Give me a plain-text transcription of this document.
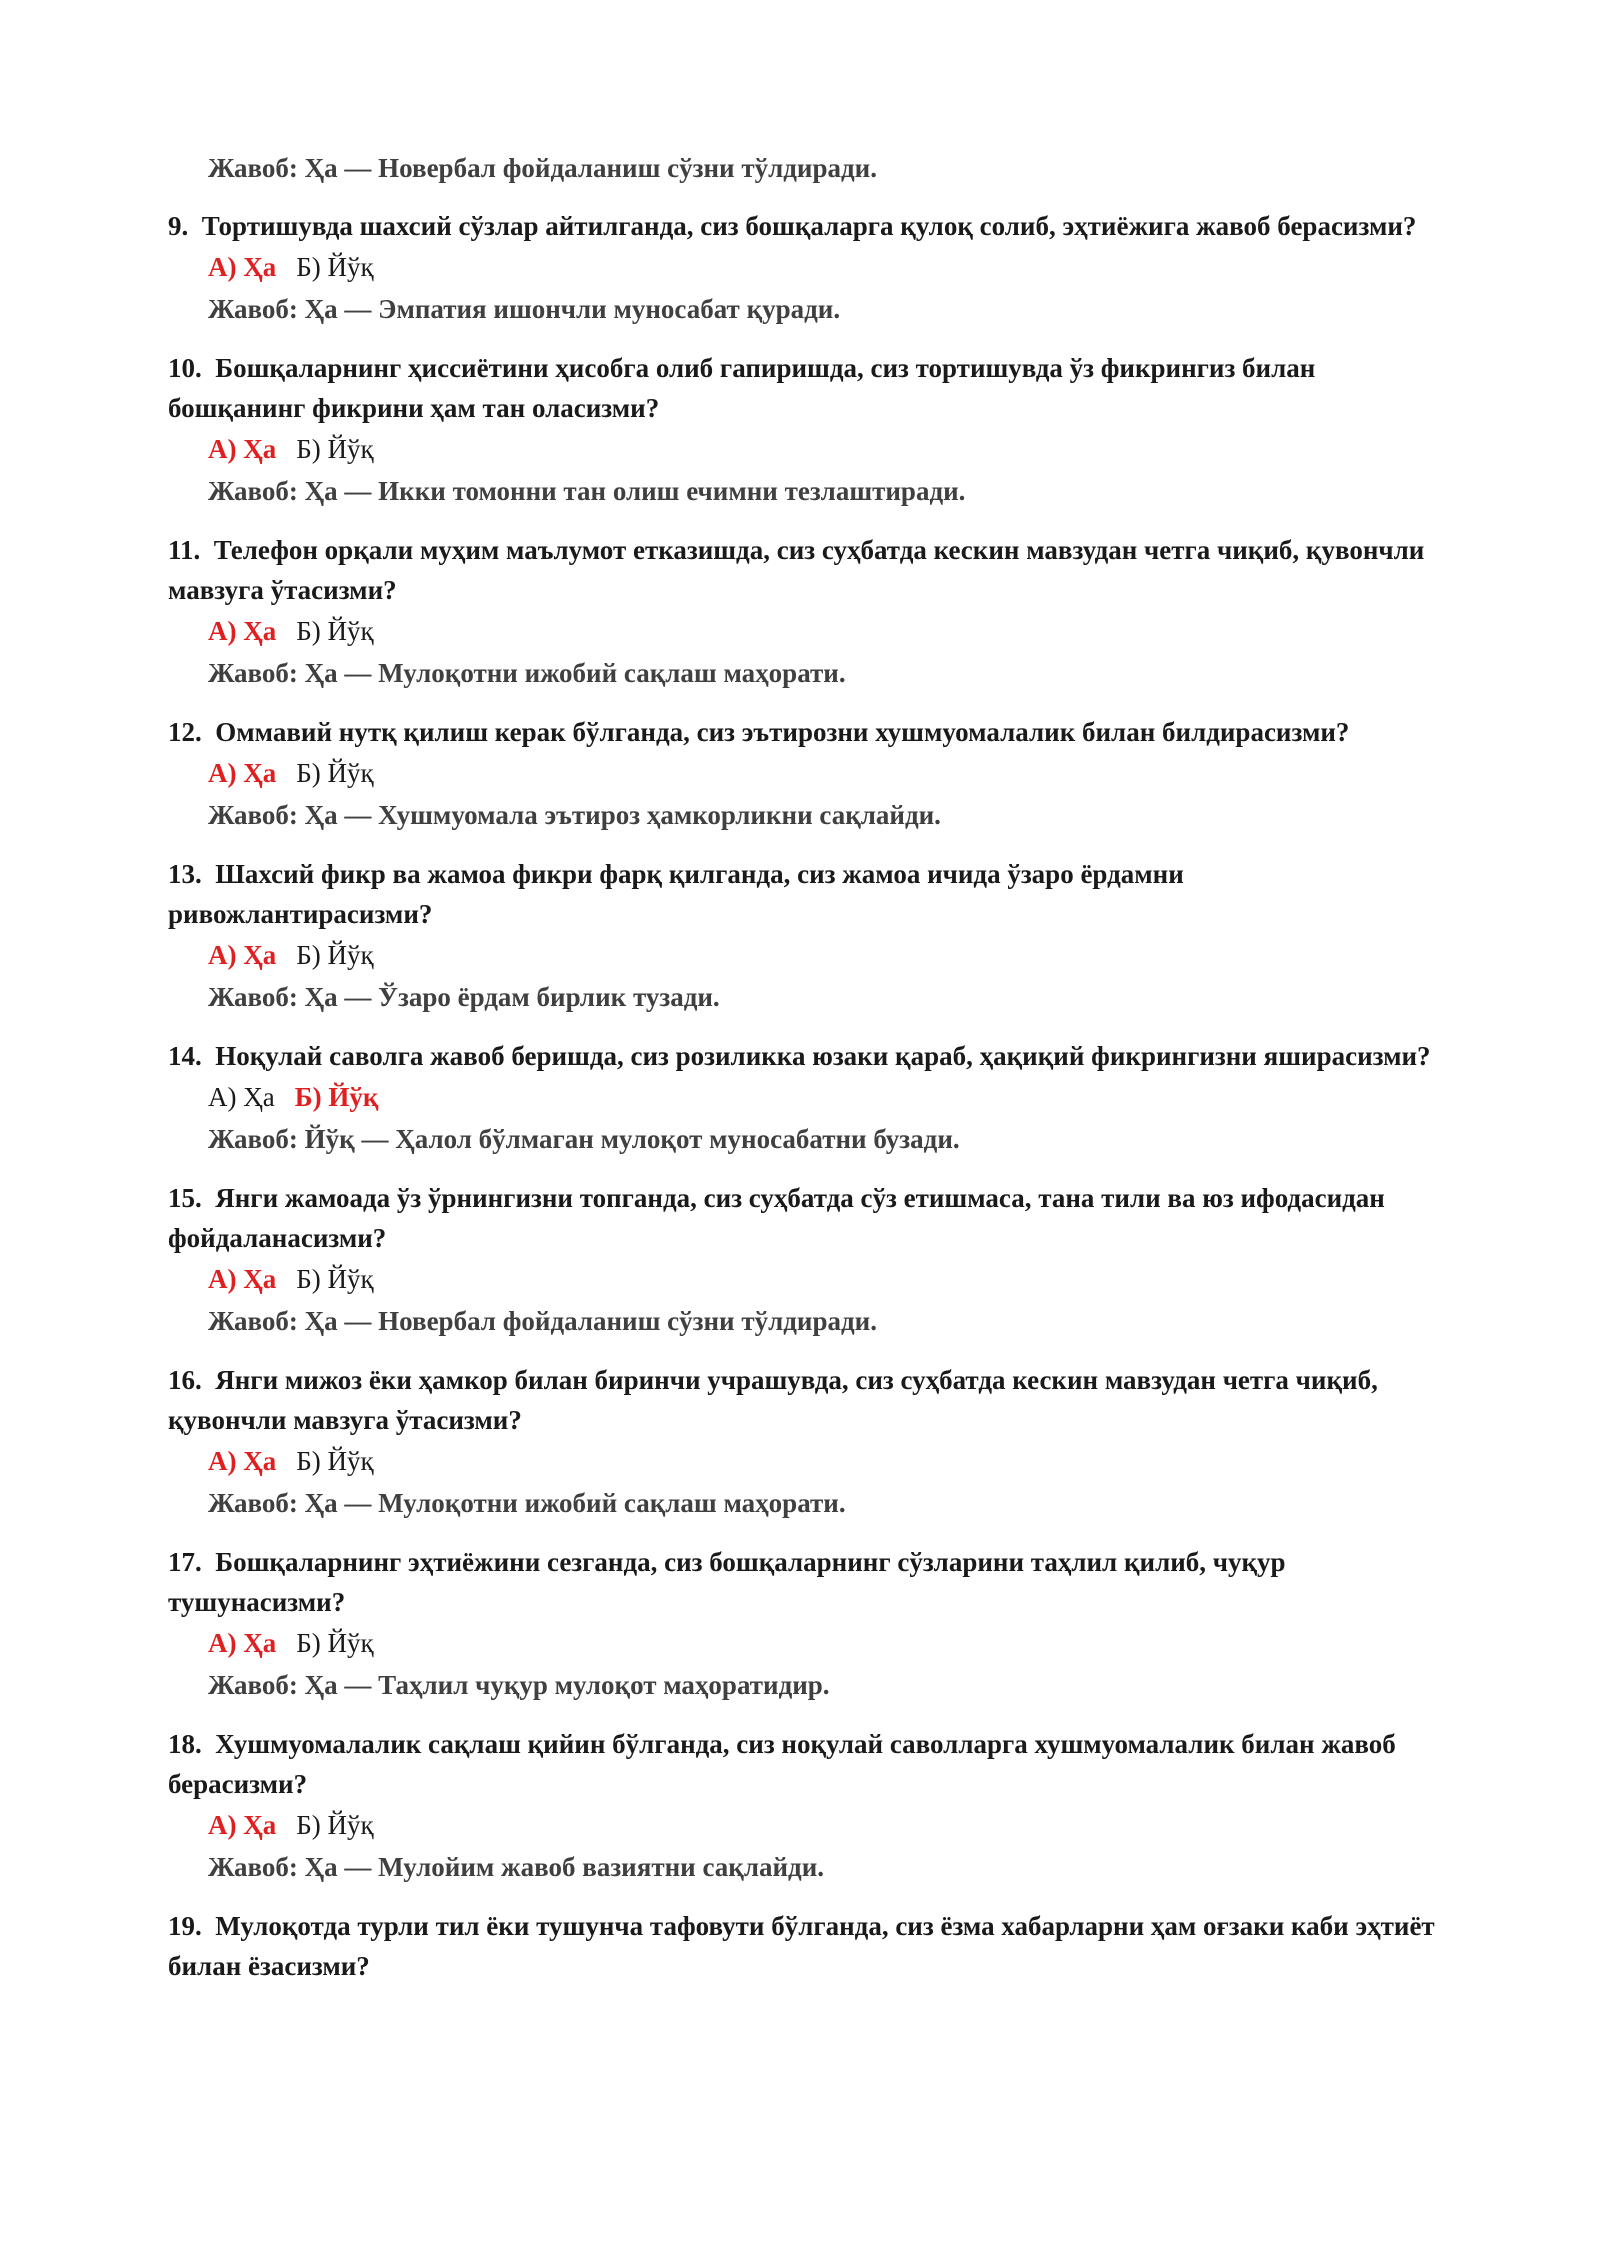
Жавоб: Ҳа — Новербал фойдаланиш сўзни тўлдиради.
9. Тортишувда шахсий сўзлар айтилганда, сиз бошқаларга қулоқ солиб, эҳтиёжига жавоб берасизми?
А) Ҳа Б) Йўқ
Жавоб: Ҳа — Эмпатия ишончли муносабат қуради.
10. Бошқаларнинг ҳиссиётини ҳисобга олиб гапиришда, сиз тортишувда ўз фикрингиз билан бошқанинг фикрини ҳам тан оласизми?
А) Ҳа Б) Йўқ
Жавоб: Ҳа — Икки томонни тан олиш ечимни тезлаштиради.
11. Телефон орқали муҳим маълумот етказишда, сиз суҳбатда кескин мавзудан четга чиқиб, қувончли мавзуга ўтасизми?
А) Ҳа Б) Йўқ
Жавоб: Ҳа — Мулоқотни ижобий сақлаш маҳорати.
12. Оммавий нутқ қилиш керак бўлганда, сиз эътирозни хушмуомалалик билан билдирасизми?
А) Ҳа Б) Йўқ
Жавоб: Ҳа — Хушмуомала эътироз ҳамкорликни сақлайди.
13. Шахсий фикр ва жамоа фикри фарқ қилганда, сиз жамоа ичида ўзаро ёрдамни ривожлантирасизми?
А) Ҳа Б) Йўқ
Жавоб: Ҳа — Ўзаро ёрдам бирлик тузади.
14. Ноқулай саволга жавоб беришда, сиз розиликка юзаки қараб, ҳақиқий фикрингизни яширасизми?
А) Ҳа Б) Йўқ
Жавоб: Йўқ — Ҳалол бўлмаган мулоқот муносабатни бузади.
15. Янги жамоада ўз ўрнингизни топганда, сиз суҳбатда сўз етишмаса, тана тили ва юз ифодасидан фойдаланасизми?
А) Ҳа Б) Йўқ
Жавоб: Ҳа — Новербал фойдаланиш сўзни тўлдиради.
16. Янги мижоз ёки ҳамкор билан биринчи учрашувда, сиз суҳбатда кескин мавзудан четга чиқиб, қувончли мавзуга ўтасизми?
А) Ҳа Б) Йўқ
Жавоб: Ҳа — Мулоқотни ижобий сақлаш маҳорати.
17. Бошқаларнинг эҳтиёжини сезганда, сиз бошқаларнинг сўзларини таҳлил қилиб, чуқур тушунасизми?
А) Ҳа Б) Йўқ
Жавоб: Ҳа — Таҳлил чуқур мулоқот маҳоратидир.
18. Хушмуомалалик сақлаш қийин бўлганда, сиз ноқулай саволларга хушмуомалалик билан жавоб берасизми?
А) Ҳа Б) Йўқ
Жавоб: Ҳа — Мулойим жавоб вазиятни сақлайди.
19. Мулоқотда турли тил ёки тушунча тафовути бўлганда, сиз ёзма хабарларни ҳам оғзаки каби эҳтиёт билан ёзасизми?
